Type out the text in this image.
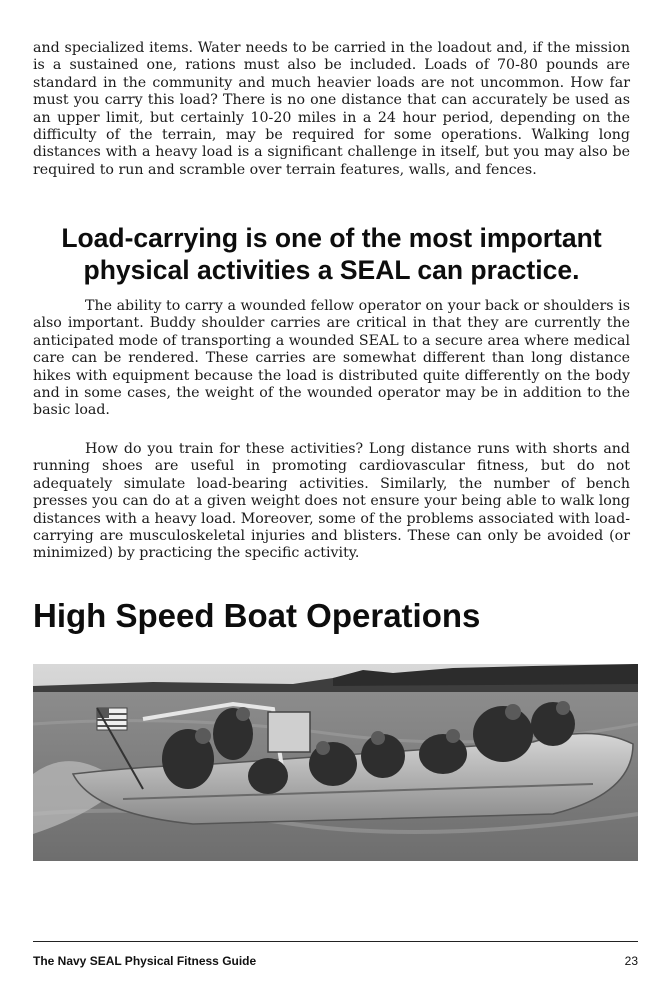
and specialized items. Water needs to be carried in the loadout and, if the mission is a sustained one, rations must also be included. Loads of 70-80 pounds are standard in the community and much heavier loads are not uncommon. How far must you carry this load? There is no one distance that can accurately be used as an upper limit, but certainly 10-20 miles in a 24 hour period, depending on the difficulty of the terrain, may be required for some operations. Walking long distances with a heavy load is a significant challenge in itself, but you may also be required to run and scramble over terrain features, walls, and fences.

Load-carrying is one of the most important physical activities a SEAL can practice.

The ability to carry a wounded fellow operator on your back or shoulders is also important. Buddy shoulder carries are critical in that they are currently the anticipated mode of transporting a wounded SEAL to a secure area where medical care can be rendered. These carries are somewhat different than long distance hikes with equipment because the load is distributed quite differently on the body and in some cases, the weight of the wounded operator may be in addition to the basic load.

How do you train for these activities? Long distance runs with shorts and running shoes are useful in promoting cardiovascular fitness, but do not adequately simulate load-bearing activities. Similarly, the number of bench presses you can do at a given weight does not ensure your being able to walk long distances with a heavy load. Moreover, some of the problems associated with load-carrying are musculoskeletal injuries and blisters. These can only be avoided (or minimized) by practicing the specific activity.

High Speed Boat Operations
The Navy SEAL Physical Fitness Guide	23
